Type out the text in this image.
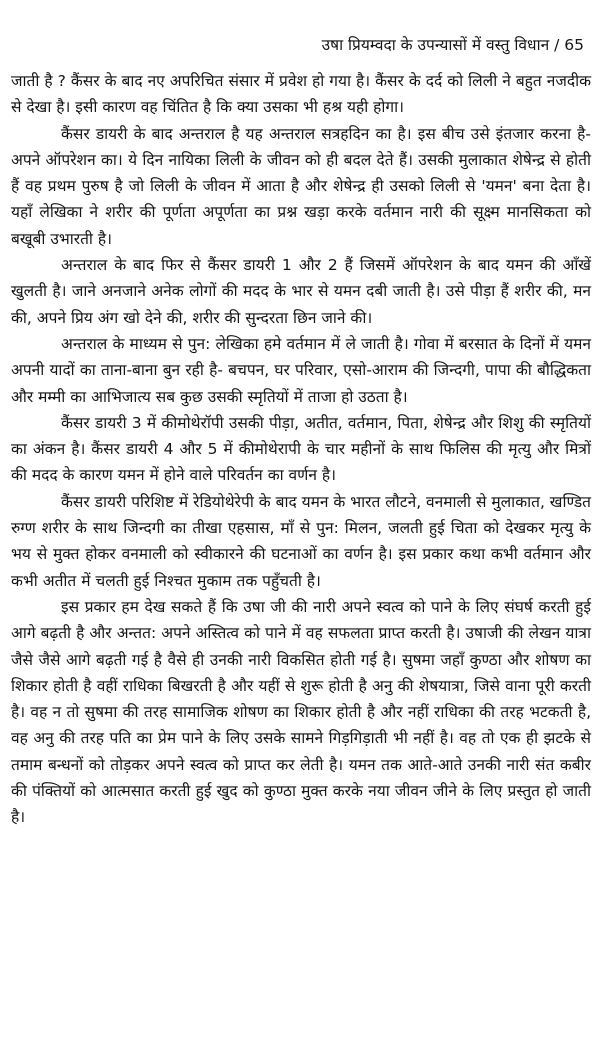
उषा प्रियम्वदा के उपन्यासों में वस्तु विधान / 65

जाती है ? कैंसर के बाद नए अपरिचित संसार में प्रवेश हो गया है। कैंसर के दर्द को लिली ने बहुत नजदीक से देखा है। इसी कारण वह चिंतित है कि क्या उसका भी हश्र यही होगा।

कैंसर डायरी के बाद अन्तराल है यह अन्तराल सत्रहदिन का है। इस बीच उसे इंतजार करना है- अपने ऑपरेशन का। ये दिन नायिका लिली के जीवन को ही बदल देते हैं। उसकी मुलाकात शेषेन्द्र से होती हैं वह प्रथम पुरुष है जो लिली के जीवन में आता है और शेषेन्द्र ही उसको लिली से 'यमन' बना देता है। यहाँ लेखिका ने शरीर की पूर्णता अपूर्णता का प्रश्न खड़ा करके वर्तमान नारी की सूक्ष्म मानसिकता को बखूबी उभारती है।

अन्तराल के बाद फिर से कैंसर डायरी 1 और 2 हैं जिसमें ऑपरेशन के बाद यमन की आँखें खुलती है। जाने अनजाने अनेक लोगों की मदद के भार से यमन दबी जाती है। उसे पीड़ा हैं शरीर की, मन की, अपने प्रिय अंग खो देने की, शरीर की सुन्दरता छिन जाने की।

अन्तराल के माध्यम से पुन: लेखिका हमे वर्तमान में ले जाती है। गोवा में बरसात के दिनों में यमन अपनी यादों का ताना-बाना बुन रही है- बचपन, घर परिवार, एसो-आराम की जिन्दगी, पापा की बौद्धिकता और मम्मी का आभिजात्य सब कुछ उसकी स्मृतियों में ताजा हो उठता है।

कैंसर डायरी 3 में कीमोथेरॉपी उसकी पीड़ा, अतीत, वर्तमान, पिता, शेषेन्द्र और शिशु की स्मृतियों का अंकन है। कैंसर डायरी 4 और 5 में कीमोथेरापी के चार महीनों के साथ फिलिस की मृत्यु और मित्रों की मदद के कारण यमन में होने वाले परिवर्तन का वर्णन है।

कैंसर डायरी परिशिष्ट में रेडियोथेरेपी के बाद यमन के भारत लौटने, वनमाली से मुलाकात, खण्डित रुग्ण शरीर के साथ जिन्दगी का तीखा एहसास, माँ से पुन: मिलन, जलती हुई चिता को देखकर मृत्यु के भय से मुक्त होकर वनमाली को स्वीकारने की घटनाओं का वर्णन है। इस प्रकार कथा कभी वर्तमान और कभी अतीत में चलती हुई निश्चत मुकाम तक पहुँचती है।

इस प्रकार हम देख सकते हैं कि उषा जी की नारी अपने स्वत्व को पाने के लिए संघर्ष करती हुई आगे बढ़ती है और अन्तत: अपने अस्तित्व को पाने में वह सफलता प्राप्त करती है। उषाजी की लेखन यात्रा जैसे जैसे आगे बढ़ती गई है वैसे ही उनकी नारी विकसित होती गई है। सुषमा जहाँ कुण्ठा और शोषण का शिकार होती है वहीं राधिका बिखरती है और यहीं से शुरू होती है अनु की शेषयात्रा, जिसे वाना पूरी करती है। वह न तो सुषमा की तरह सामाजिक शोषण का शिकार होती है और नहीं राधिका की तरह भटकती है, वह अनु की तरह पति का प्रेम पाने के लिए उसके सामने गिड़गिड़ाती भी नहीं है। वह तो एक ही झटके से तमाम बन्धनों को तोड़कर अपने स्वत्व को प्राप्त कर लेती है। यमन तक आते-आते उनकी नारी संत कबीर की पंक्तियों को आत्मसात करती हुई खुद को कुण्ठा मुक्त करके नया जीवन जीने के लिए प्रस्तुत हो जाती है।
